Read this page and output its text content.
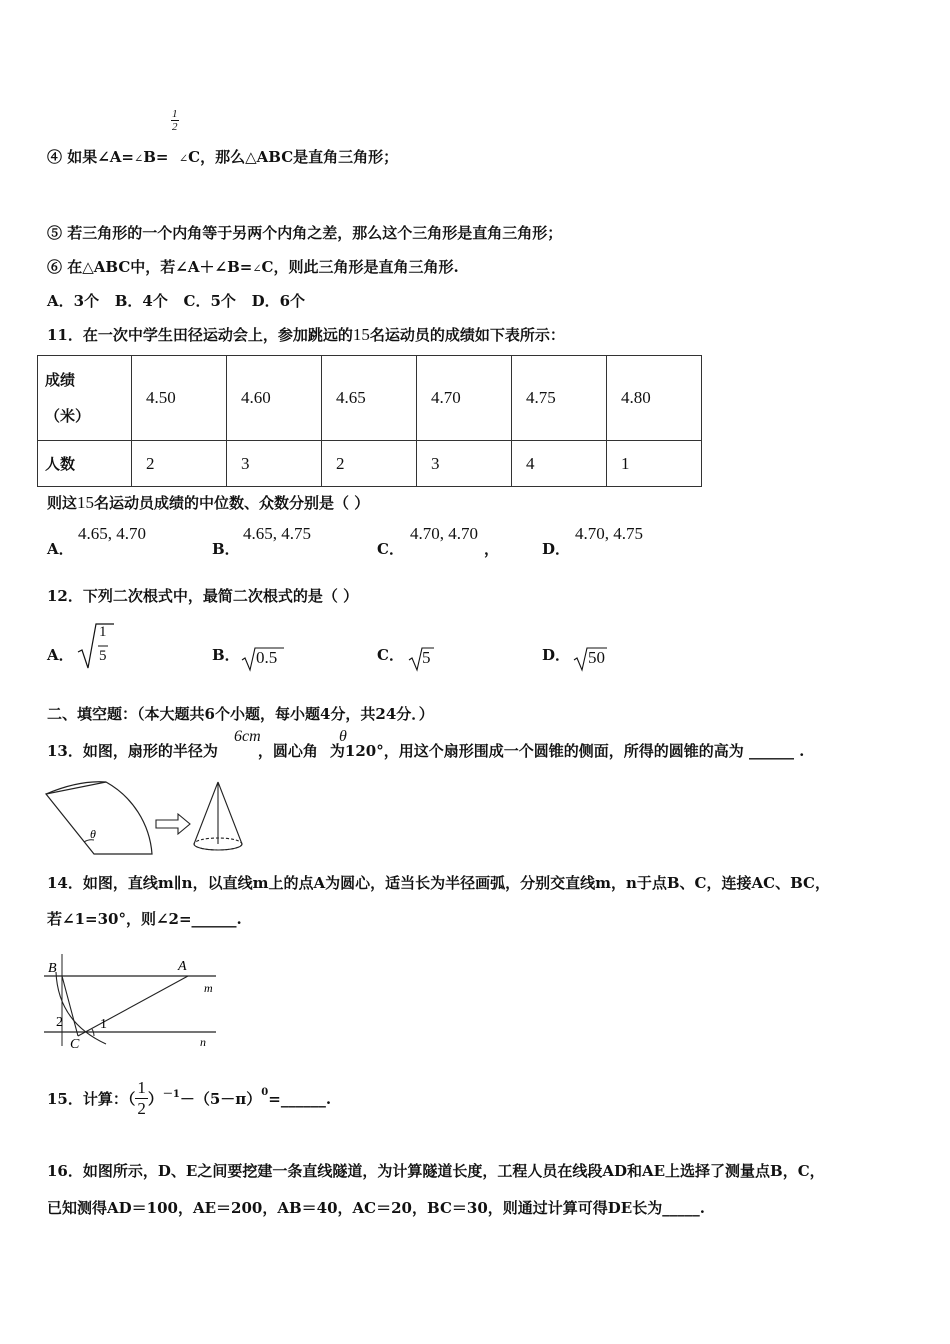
$\frac{1}{2}$
④ 如果∠A=∠B= ∠C，那么△ABC是直角三角形；
⑤ 若三角形的一个内角等于另两个内角之差，那么这个三角形是直角三角形；
⑥ 在△ABC中，若∠A＋∠B=∠C，则此三角形是直角三角形.
A．3个   B．4个   C．5个   D．6个
11．在一次中学生田径运动会上，参加跳远的15名运动员的成绩如下表所示：
成绩
（米）	4.50	4.60	4.65	4.70	4.75	4.80
人数	2	3	2	3	4	1
则这15名运动员成绩的中位数、众数分别是（ ）
A．
4.65, 4.70
B．
4.65, 4.75
C．
4.70, 4.70
，	D．
4.70, 4.75
12．下列二次根式中，最简二次根式的是（ ）
A．
1
5	B． 0.5	C． 5	D． 50
二、填空题：（本大题共6个小题，每小题4分，共24分．）
6cm	θ
13．如图，扇形的半径为	，圆心角 为120°，用这个扇形围成一个圆锥的侧面，所得的圆锥的高为 ______ .
θ
14．如图，直线m∥n，以直线m上的点A为圆心，适当长为半径画弧，分别交直线m，n于点B、C，连接AC、BC，
若∠1=30°，则∠2=______.
B	A
m
n
C
1
2
15．计算：（ $\frac{1}{2}$ ）－1－（5－π）0=______.
16．如图所示，D、E之间要挖建一条直线隧道，为计算隧道长度，工程人员在线段AD和AE上选择了测量点B，C，
已知测得AD＝100，AE＝200，AB＝40，AC＝20，BC＝30，则通过计算可得DE长为_____.
